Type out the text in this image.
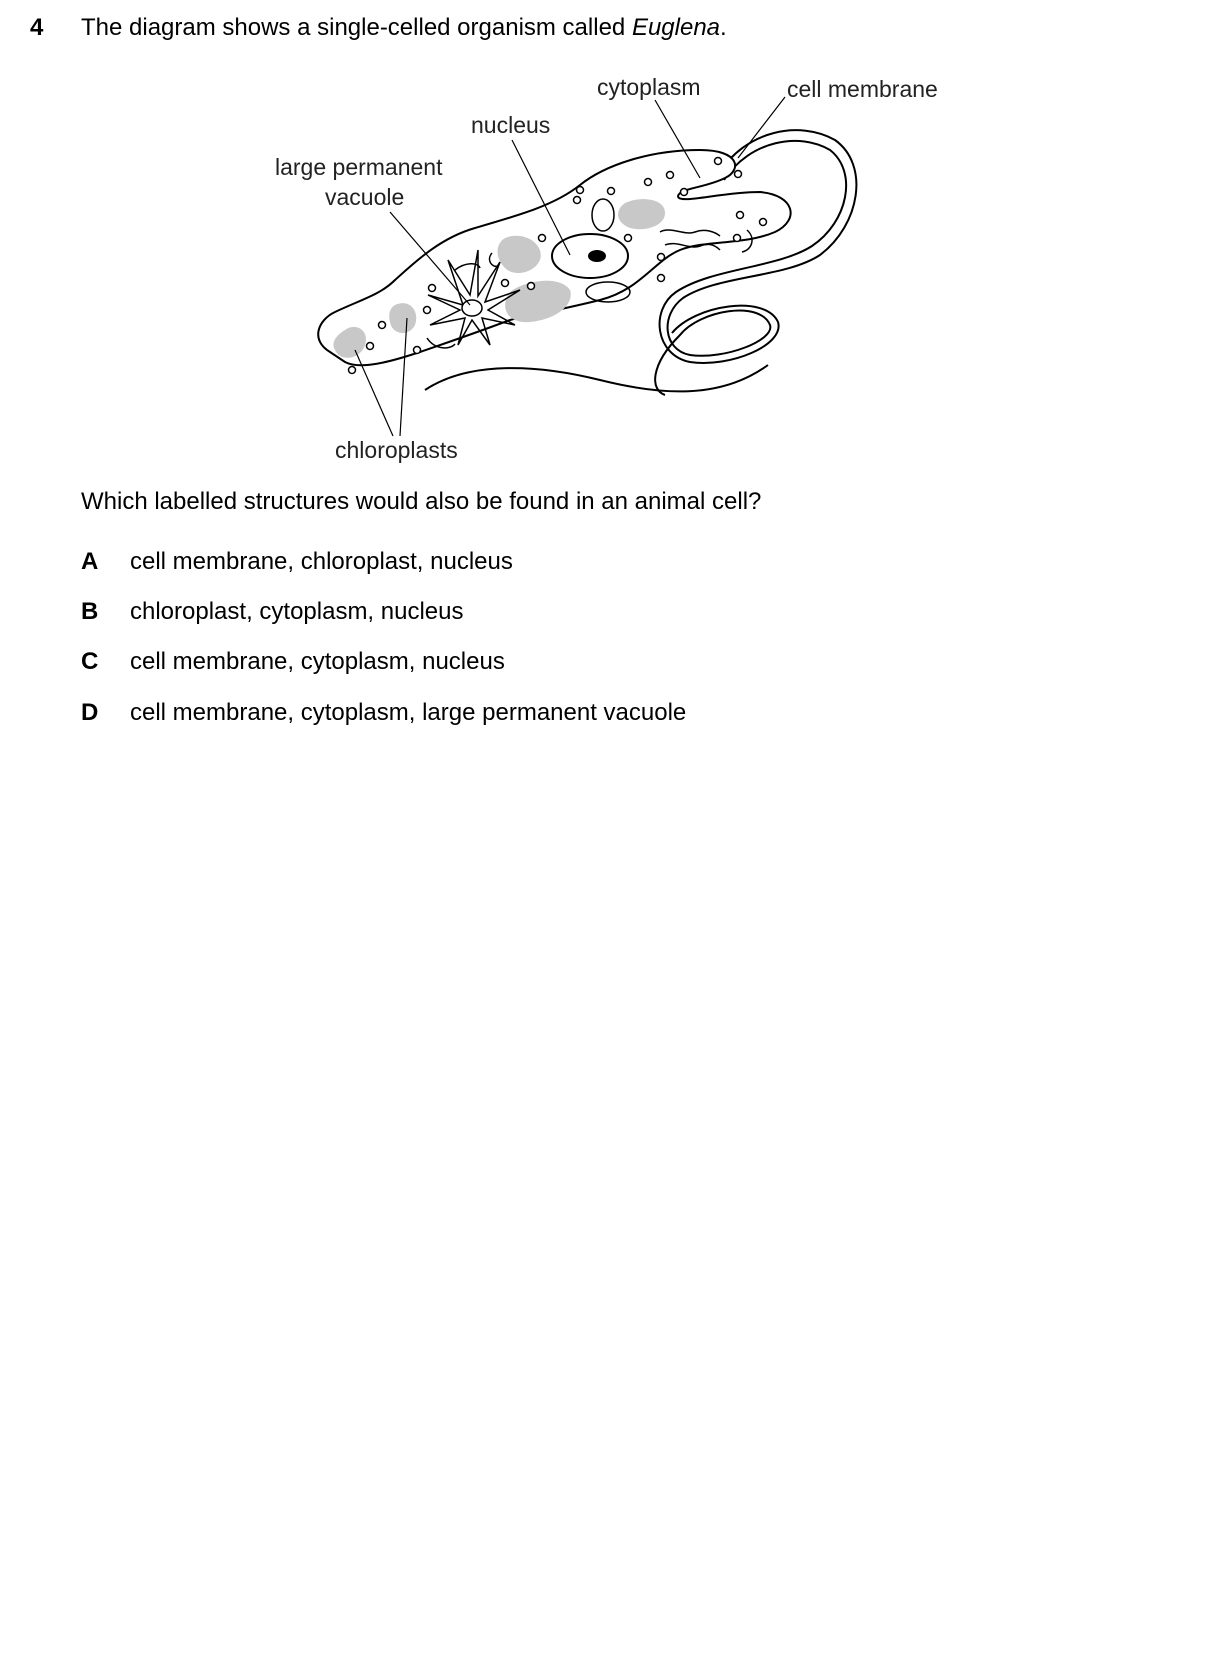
4 The diagram shows a single-celled organism called Euglena.
cytoplasm	cell membrane
nucleus
large permanent
vacuole
chloroplasts
Which labelled structures would also be found in an animal cell?
A cell membrane, chloroplast, nucleus
B chloroplast, cytoplasm, nucleus
C cell membrane, cytoplasm, nucleus
D cell membrane, cytoplasm, large permanent vacuole
